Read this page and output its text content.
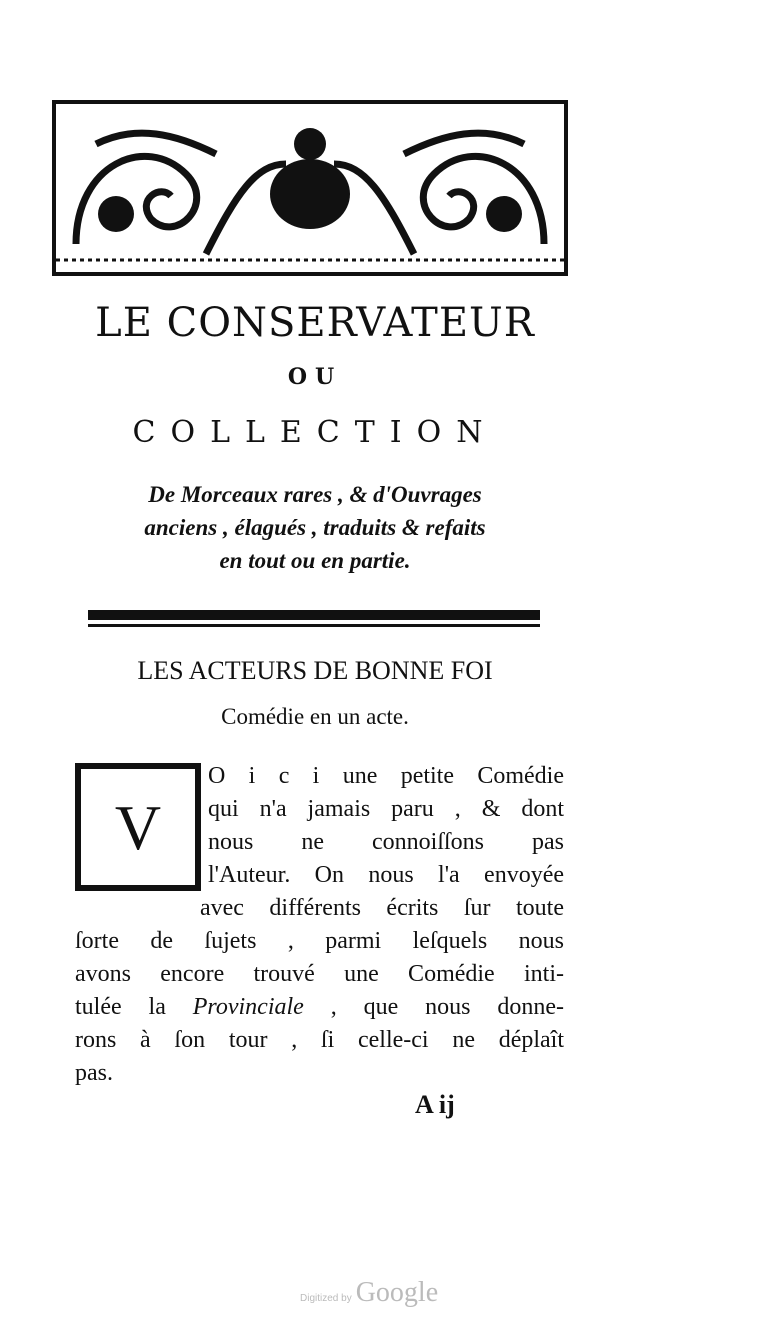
LE CONSERVATEUR
OU
COLLECTION
De Morceaux rares , & d'Ouvrages
anciens , élagués , traduits & refaits
en tout ou en partie.
LES ACTEURS DE BONNE FOI
Comédie en un acte.
V
O i c i une petite Comédie
qui n'a jamais paru , & dont
nous ne connoiſſons pas
l'Auteur. On nous l'a envoyée
avec différents écrits ſur toute
ſorte de ſujets , parmi leſquels nous
avons encore trouvé une Comédie inti-
tulée la Provinciale , que nous donne-
rons à ſon tour , ſi celle-ci ne déplaît
pas.
A ij
Digitized by Google
